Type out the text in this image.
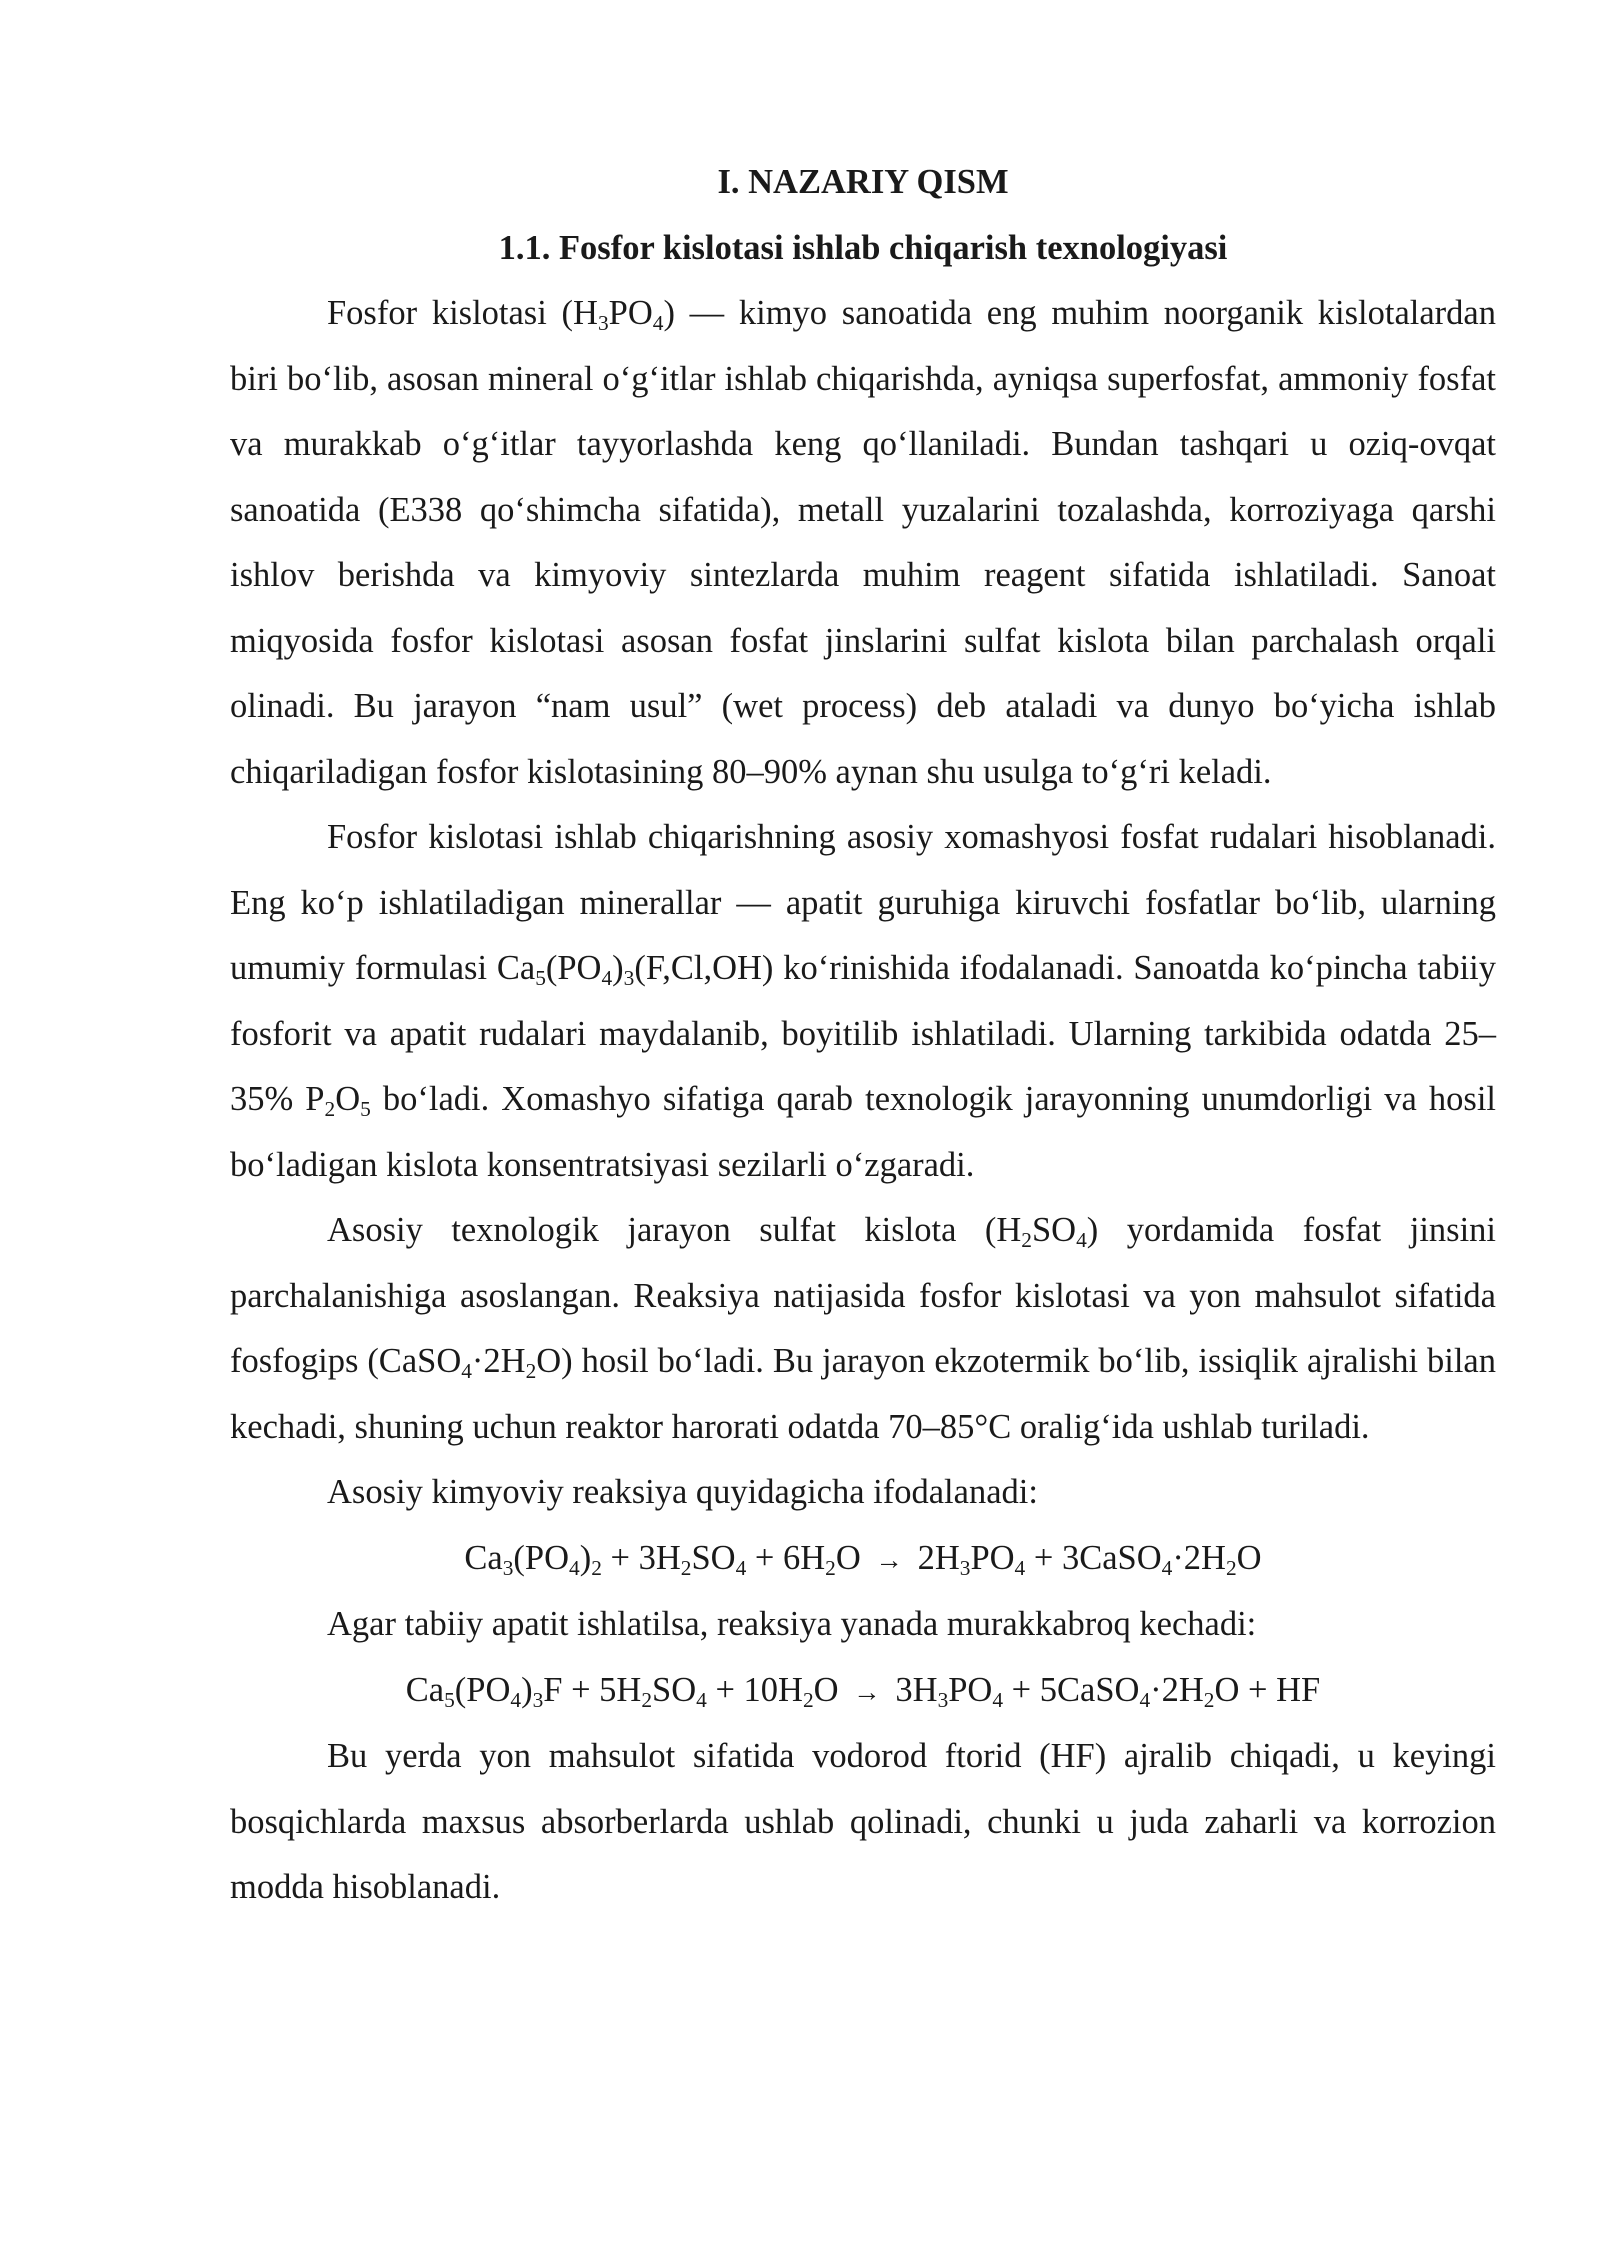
I. NAZARIY QISM
1.1. Fosfor kislotasi ishlab chiqarish texnologiyasi

Fosfor kislotasi $(H_3PO_4)$ — kimyo sanoatida eng muhim noorganik kislotalardan biri bo‘lib, asosan mineral o‘g‘itlar ishlab chiqarishda, ayniqsa superfosfat, ammoniy fosfat va murakkab o‘g‘itlar tayyorlashda keng qo‘llaniladi. Bundan tashqari u oziq-ovqat sanoatida (E338 qo‘shimcha sifatida), metall yuzalarini tozalashda, korroziyaga qarshi ishlov berishda va kimyoviy sintezlarda muhim reagent sifatida ishlatiladi. Sanoat miqyosida fosfor kislotasi asosan fosfat jinslarini sulfat kislota bilan parchalash orqali olinadi. Bu jarayon “nam usul” (wet process) deb ataladi va dunyo bo‘yicha ishlab chiqariladigan fosfor kislotasining 80–90% aynan shu usulga to‘g‘ri keladi.

Fosfor kislotasi ishlab chiqarishning asosiy xomashyosi fosfat rudalari hisoblanadi. Eng ko‘p ishlatiladigan minerallar — apatit guruhiga kiruvchi fosfatlar bo‘lib, ularning umumiy formulasi $Ca_5(PO_4)_3(F,Cl,OH)$ ko‘rinishida ifodalanadi. Sanoatda ko‘pincha tabiiy fosforit va apatit rudalari maydalanib, boyitilib ishlatiladi. Ularning tarkibida odatda 25–35% $P_2O_5$ bo‘ladi. Xomashyo sifatiga qarab texnologik jarayonning unumdorligi va hosil bo‘ladigan kislota konsentratsiyasi sezilarli o‘zgaradi.

Asosiy texnologik jarayon sulfat kislota $(H_2SO_4)$ yordamida fosfat jinsini parchalanishiga asoslangan. Reaksiya natijasida fosfor kislotasi va yon mahsulot sifatida fosfogips $(CaSO_4\cdot 2H_2O)$ hosil bo‘ladi. Bu jarayon ekzotermik bo‘lib, issiqlik ajralishi bilan kechadi, shuning uchun reaktor harorati odatda 70–85°C oralig‘ida ushlab turiladi.

Asosiy kimyoviy reaksiya quyidagicha ifodalanadi:

$Ca_3(PO_4)_2 + 3H_2SO_4 + 6H_2O \to 2H_3PO_4$ + $3CaSO_4\cdot 2H_2O$

Agar tabiiy apatit ishlatilsa, reaksiya yanada murakkabroq kechadi:

$Ca_5(PO_4)_3F + 5H_2SO_4 + 10H_2O \to 3H_3PO_4$ + $5CaSO_4\cdot 2H_2O$ + HF

Bu yerda yon mahsulot sifatida vodorod ftorid (HF) ajralib chiqadi, u keyingi bosqichlarda maxsus absorberlarda ushlab qolinadi, chunki u juda zaharli va korrozion modda hisoblanadi.
